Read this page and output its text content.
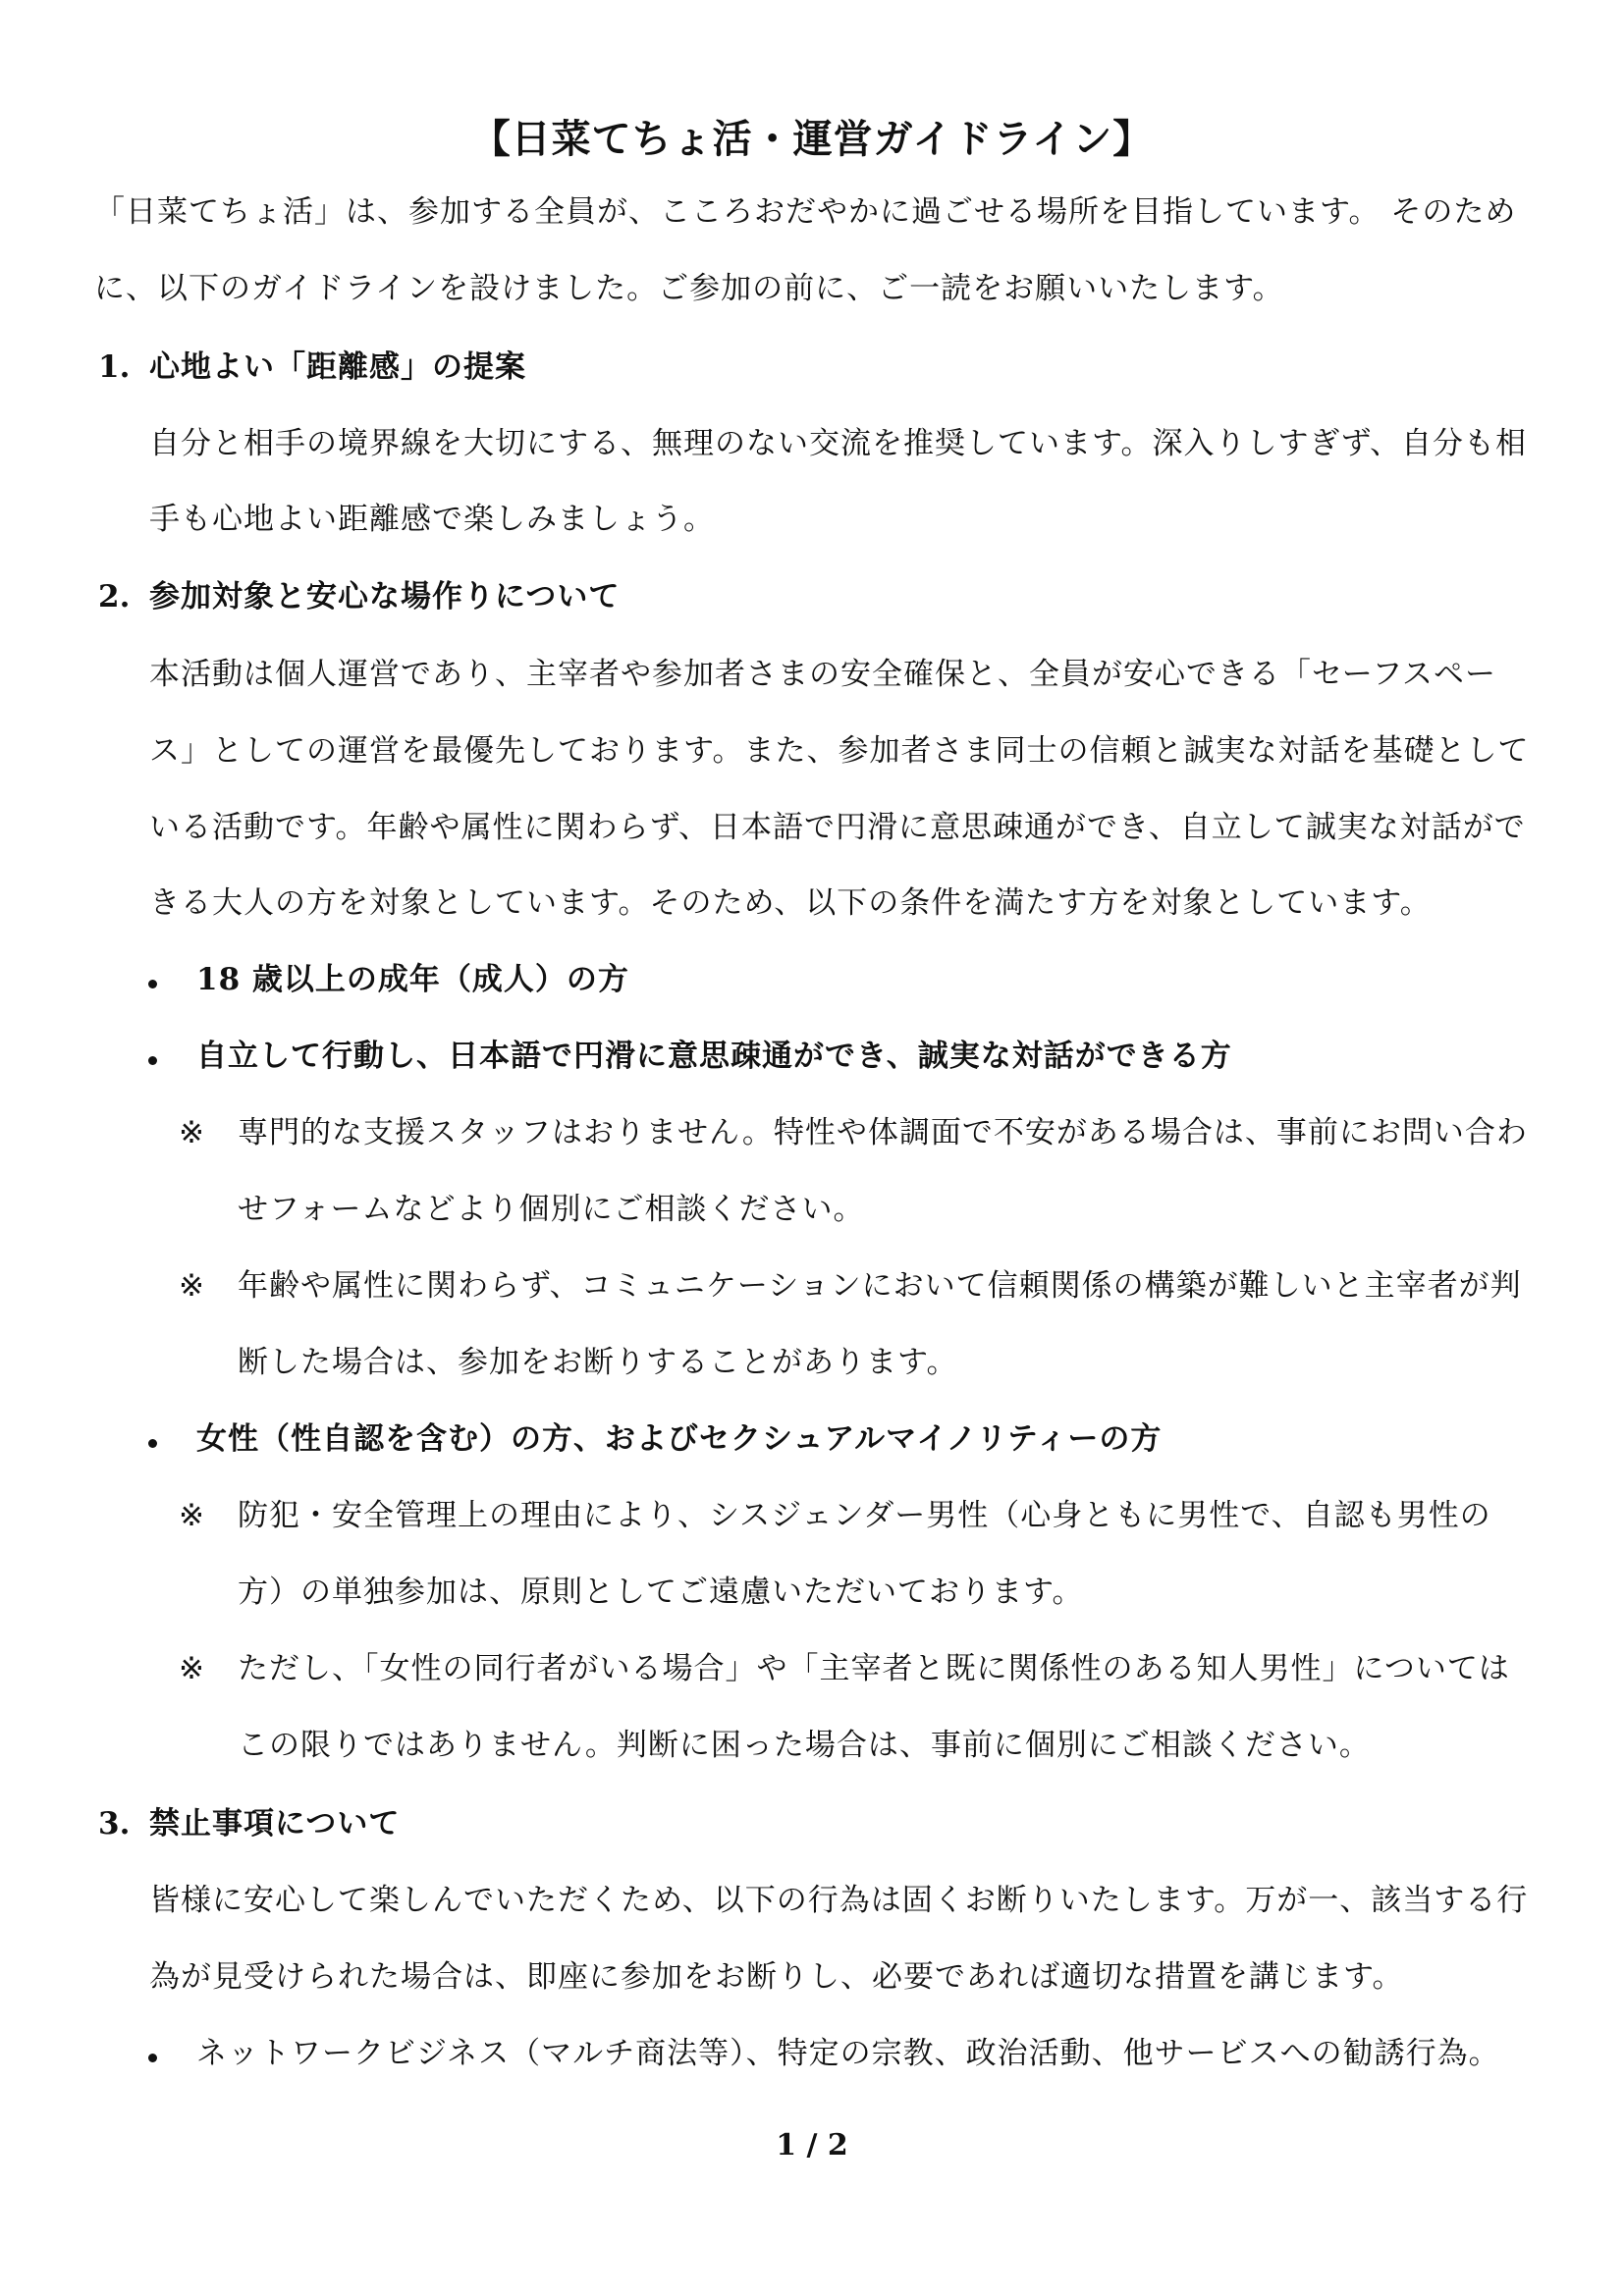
【日菜てちょ活・運営ガイドライン】
「日菜てちょ活」は、参加する全員が、こころおだやかに過ごせる場所を目指しています。 そのため
に、以下のガイドラインを設けました。ご参加の前に、ご一読をお願いいたします。
1. 心地よい「距離感」の提案
自分と相手の境界線を大切にする、無理のない交流を推奨しています。深入りしすぎず、自分も相
手も心地よい距離感で楽しみましょう。
2. 参加対象と安心な場作りについて
本活動は個人運営であり、主宰者や参加者さまの安全確保と、全員が安心できる「セーフスペー
ス」としての運営を最優先しております。また、参加者さま同士の信頼と誠実な対話を基礎として
いる活動です。年齢や属性に関わらず、日本語で円滑に意思疎通ができ、自立して誠実な対話がで
きる大人の方を対象としています。そのため、以下の条件を満たす方を対象としています。
18 歳以上の成年（成人）の方
自立して行動し、日本語で円滑に意思疎通ができ、誠実な対話ができる方
※ 専門的な支援スタッフはおりません。特性や体調面で不安がある場合は、事前にお問い合わ
せフォームなどより個別にご相談ください。
※ 年齢や属性に関わらず、コミュニケーションにおいて信頼関係の構築が難しいと主宰者が判
断した場合は、参加をお断りすることがあります。
女性（性自認を含む）の方、およびセクシュアルマイノリティーの方
※ 防犯・安全管理上の理由により、シスジェンダー男性（心身ともに男性で、自認も男性の
方）の単独参加は、原則としてご遠慮いただいております。
※ ただし、「女性の同行者がいる場合」や「主宰者と既に関係性のある知人男性」については
この限りではありません。判断に困った場合は、事前に個別にご相談ください。
3. 禁止事項について
皆様に安心して楽しんでいただくため、以下の行為は固くお断りいたします。万が一、該当する行
為が見受けられた場合は、即座に参加をお断りし、必要であれば適切な措置を講じます。
ネットワークビジネス（マルチ商法等）、特定の宗教、政治活動、他サービスへの勧誘行為。
1 / 2
